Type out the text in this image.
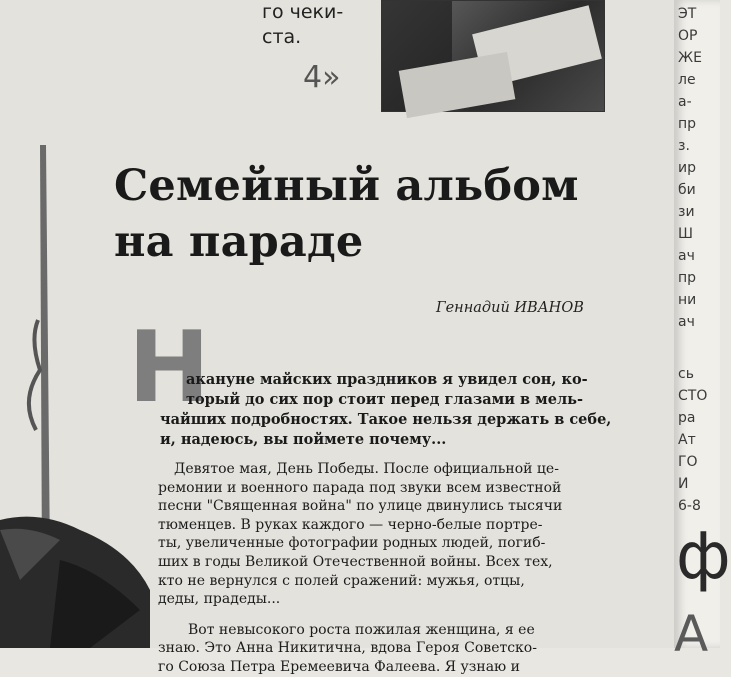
го чеки-
ста.
4»
Семейный альбом
на параде
Геннадий ИВАНОВ
Н
акануне майских праздников я увидел сон, ко-
торый до сих пор стоит перед глазами в мель-
чайших подробностях. Такое нельзя держать в себе,
и, надеюсь, вы поймете почему...
Девятое мая, День Победы. После официальной це-
ремонии и военного парада под звуки всем известной
песни "Священная война" по улице двинулись тысячи
тюменцев. В руках каждого — черно-белые портре-
ты, увеличенные фотографии родных людей, погиб-
ших в годы Великой Отечественной войны. Всех тех,
кто не вернулся с полей сражений: мужья, отцы,
деды, прадеды...
Вот невысокого роста пожилая женщина, я ее
знаю. Это Анна Никитична, вдова Героя Советско-
го Союза Петра Еремеевича Фалеева. Я узнаю и
ЭТ
ОР
ЖЕ
ле
а-
пр
з.
ир
би
зи
Ш
ач
пр
ни
ач
сь
СТО
ра
Ат
ГО
И
6-8
ф
А
